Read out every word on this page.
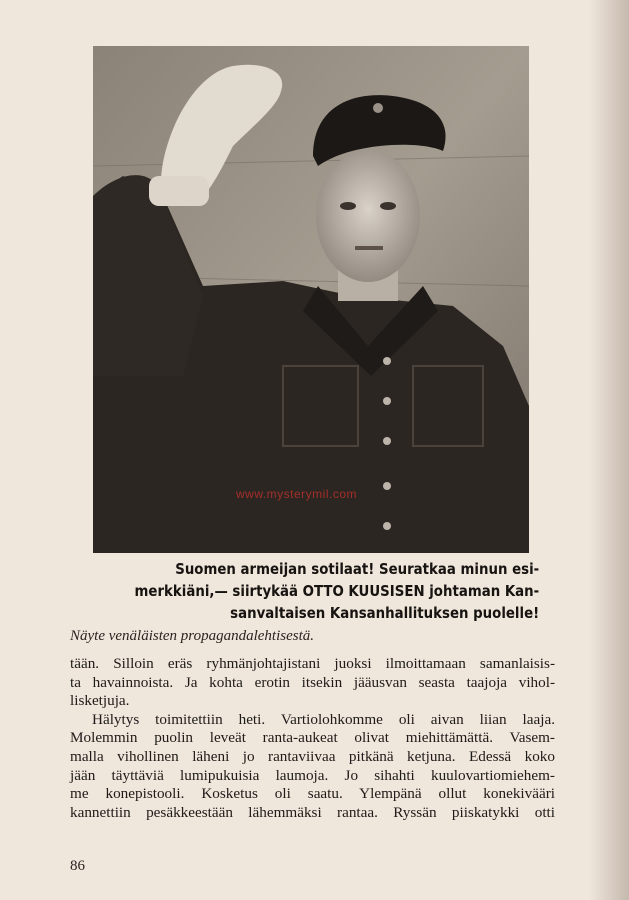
www.mysterymil.com
Suomen armeijan sotilaat! Seuratkaa minun esi-
merkkiäni,— siirtykää OTTO KUUSISEN johtaman Kan-
sanvaltaisen Kansanhallituksen puolelle!
Näyte venäläisten propagandalehtisestä.

tään. Silloin eräs ryhmänjohtajistani juoksi ilmoittamaan samanlaisis-
ta havainnoista. Ja kohta erotin itsekin jääusvan seasta taajoja vihol-
lisketjuja.

Hälytys toimitettiin heti. Vartiolohkomme oli aivan liian laaja.
Molemmin puolin leveät ranta-aukeat olivat miehittämättä. Vasem-
malla vihollinen läheni jo rantaviivaa pitkänä ketjuna. Edessä koko
jään täyttäviä lumipukuisia laumoja. Jo sihahti kuulovartiomiehem-
me konepistooli. Kosketus oli saatu. Ylempänä ollut konekivääri
kannettiin pesäkkeestään lähemmäksi rantaa. Ryssän piiskatykki otti

86
